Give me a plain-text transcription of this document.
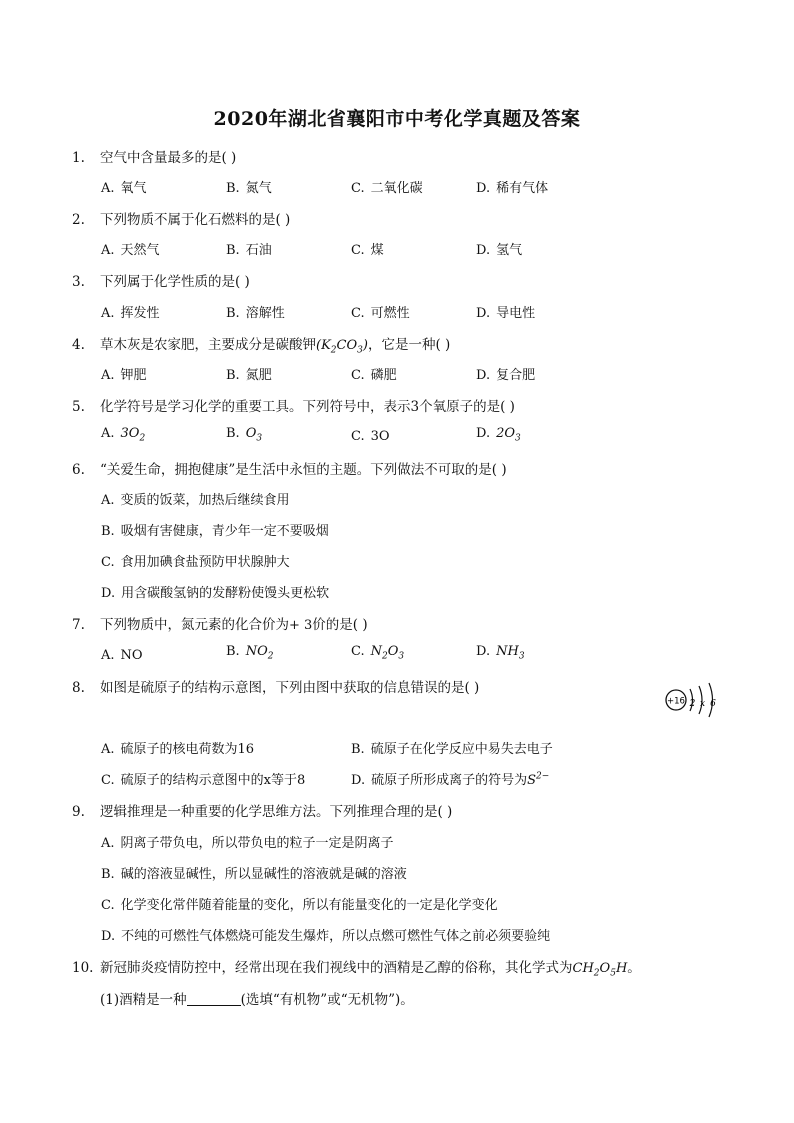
2020年湖北省襄阳市中考化学真题及答案
1. 空气中含量最多的是( )
A. 氧气	B. 氮气	C. 二氧化碳	D. 稀有气体
2. 下列物质不属于化石燃料的是( )
A. 天然气	B. 石油	C. 煤	D. 氢气
3. 下列属于化学性质的是( )
A. 挥发性	B. 溶解性	C. 可燃性	D. 导电性
4. 草木灰是农家肥，主要成分是碳酸钾$(K_2CO_3)$，它是一种( )
A. 钾肥	B. 氮肥	C. 磷肥	D. 复合肥
5. 化学符号是学习化学的重要工具。下列符号中，表示3个氧原子的是( )
A. $3O_2$	B. $O_3$	C. 3O	D. $2O_3$
6. “关爱生命，拥抱健康”是生活中永恒的主题。下列做法不可取的是( )
A. 变质的饭菜，加热后继续食用
B. 吸烟有害健康，青少年一定不要吸烟
C. 食用加碘食盐预防甲状腺肿大
D. 用含碳酸氢钠的发酵粉使馒头更松软
7. 下列物质中，氮元素的化合价为+ 3价的是( )
A. NO	B. $NO_2$	C. $N_2O_3$	D. $NH_3$
8. 如图是硫原子的结构示意图，下列由图中获取的信息错误的是( )
+16 2 x 6
A. 硫原子的核电荷数为16	B. 硫原子在化学反应中易失去电子
C. 硫原子的结构示意图中的x等于8	D. 硫原子所形成离子的符号为$S^{2-}$
9. 逻辑推理是一种重要的化学思维方法。下列推理合理的是( )
A. 阴离子带负电，所以带负电的粒子一定是阴离子
B. 碱的溶液显碱性，所以显碱性的溶液就是碱的溶液
C. 化学变化常伴随着能量的变化，所以有能量变化的一定是化学变化
D. 不纯的可燃性气体燃烧可能发生爆炸，所以点燃可燃性气体之前必须要验纯
10. 新冠肺炎疫情防控中，经常出现在我们视线中的酒精是乙醇的俗称，其化学式为$CH_2O_5H$。
(1)酒精是一种	(选填“有机物”或“无机物”)。
